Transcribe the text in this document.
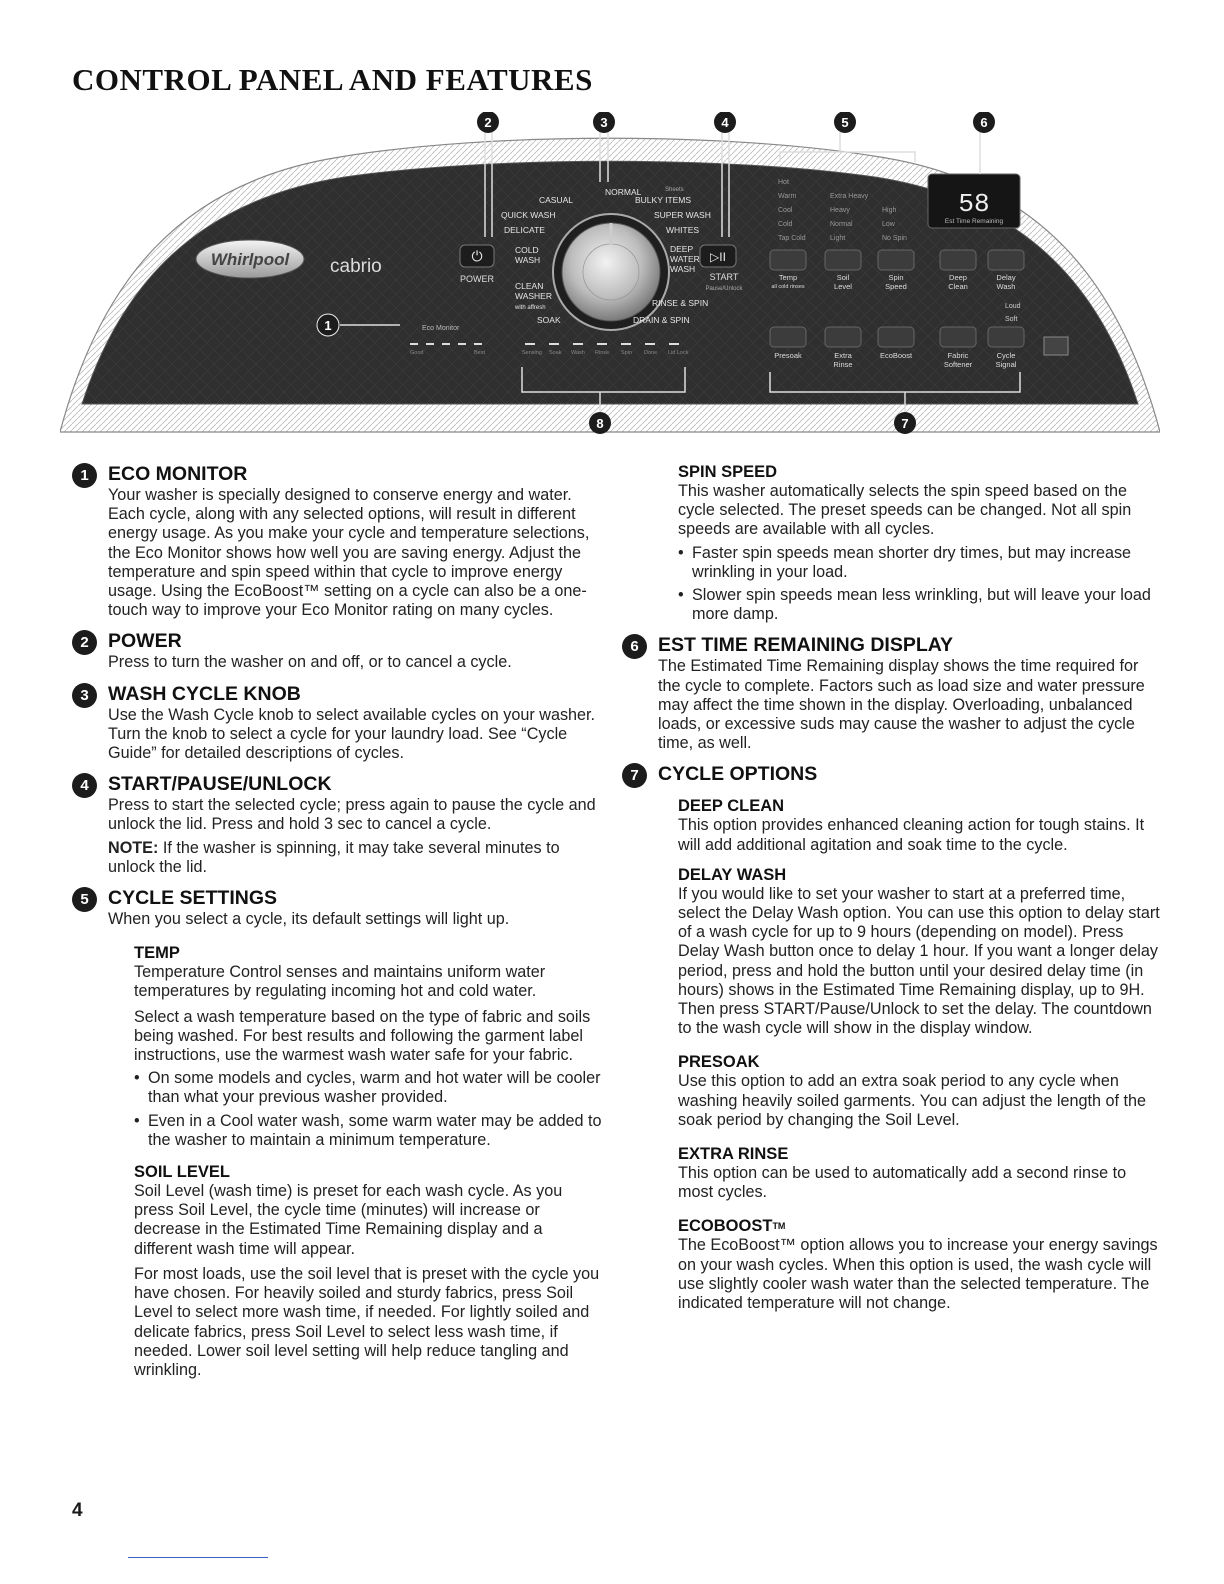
CONTROL PANEL AND FEATURES
Whirlpool cabrio	⏻
POWER
▷II
START
Pause/Unlock
NORMAL
CASUAL
QUICK WASH
DELICATE
COLD
WASH
CLEAN
WASHER
with affresh
SOAK
Sheets
BULKY ITEMS
SUPER WASH
WHITES
DEEP
WATER
WASH
RINSE & SPIN
DRAIN & SPIN
Eco Monitor
Good	Best	Sensing Soak Wash Rinse Spin Done Lid Lock
Hot
Warm
Cool
Cold
Tap Cold
Extra Heavy
Heavy
Normal
Light
High
Low
No Spin
58
Est Time Remaining
Temp
all cold rinses
Soil
Level
Spin
Speed
Deep
Clean
Delay
Wash
Loud
Soft
Presoak	Extra
Rinse
EcoBoost	Fabric
Softener
Cycle
Signal
1
2	3	4	5	6
7
8
1 ECO MONITOR

Your washer is specially designed to conserve energy and water. Each cycle, along with any selected options, will result in different energy usage. As you make your cycle and temperature selections, the Eco Monitor shows how well you are saving energy. Adjust the temperature and spin speed within that cycle to improve energy usage. Using the EcoBoost™ setting on a cycle can also be a one-touch way to improve your Eco Monitor rating on many cycles.

2 POWER

Press to turn the washer on and off, or to cancel a cycle.

3 WASH CYCLE KNOB

Use the Wash Cycle knob to select available cycles on your washer. Turn the knob to select a cycle for your laundry load. See “Cycle Guide” for detailed descriptions of cycles.

4 START/PAUSE/UNLOCK

Press to start the selected cycle; press again to pause the cycle and unlock the lid. Press and hold 3 sec to cancel a cycle.

NOTE: If the washer is spinning, it may take several minutes to unlock the lid.

5 CYCLE SETTINGS

When you select a cycle, its default settings will light up.

TEMP

Temperature Control senses and maintains uniform water temperatures by regulating incoming hot and cold water.

Select a wash temperature based on the type of fabric and soils being washed. For best results and following the garment label instructions, use the warmest wash water safe for your fabric.

• On some models and cycles, warm and hot water will be cooler than what your previous washer provided.
• Even in a Cool water wash, some warm water may be added to the washer to maintain a minimum temperature.
SOIL LEVEL

Soil Level (wash time) is preset for each wash cycle. As you press Soil Level, the cycle time (minutes) will increase or decrease in the Estimated Time Remaining display and a different wash time will appear.

For most loads, use the soil level that is preset with the cycle you have chosen. For heavily soiled and sturdy fabrics, press Soil Level to select more wash time, if needed. For lightly soiled and delicate fabrics, press Soil Level to select less wash time, if needed. Lower soil level setting will help reduce tangling and wrinkling.

SPIN SPEED

This washer automatically selects the spin speed based on the cycle selected. The preset speeds can be changed. Not all spin speeds are available with all cycles.

• Faster spin speeds mean shorter dry times, but may increase wrinkling in your load.
• Slower spin speeds mean less wrinkling, but will leave your load more damp.
6 EST TIME REMAINING DISPLAY

The Estimated Time Remaining display shows the time required for the cycle to complete. Factors such as load size and water pressure may affect the time shown in the display. Overloading, unbalanced loads, or excessive suds may cause the washer to adjust the cycle time, as well.

7 CYCLE OPTIONS
DEEP CLEAN

This option provides enhanced cleaning action for tough stains. It will add additional agitation and soak time to the cycle.

DELAY WASH

If you would like to set your washer to start at a preferred time, select the Delay Wash option. You can use this option to delay start of a wash cycle for up to 9 hours (depending on model). Press Delay Wash button once to delay 1 hour. If you want a longer delay period, press and hold the button until your desired delay time (in hours) shows in the Estimated Time Remaining display, up to 9H. Then press START/Pause/Unlock to set the delay. The countdown to the wash cycle will show in the display window.

PRESOAK

Use this option to add an extra soak period to any cycle when washing heavily soiled garments. You can adjust the length of the soak period by changing the Soil Level.

EXTRA RINSE

This option can be used to automatically add a second rinse to most cycles.

ECOBOOST™

The EcoBoost™ option allows you to increase your energy savings on your wash cycles. When this option is used, the wash cycle will use slightly cooler wash water than the selected temperature. The indicated temperature will not change.

4
